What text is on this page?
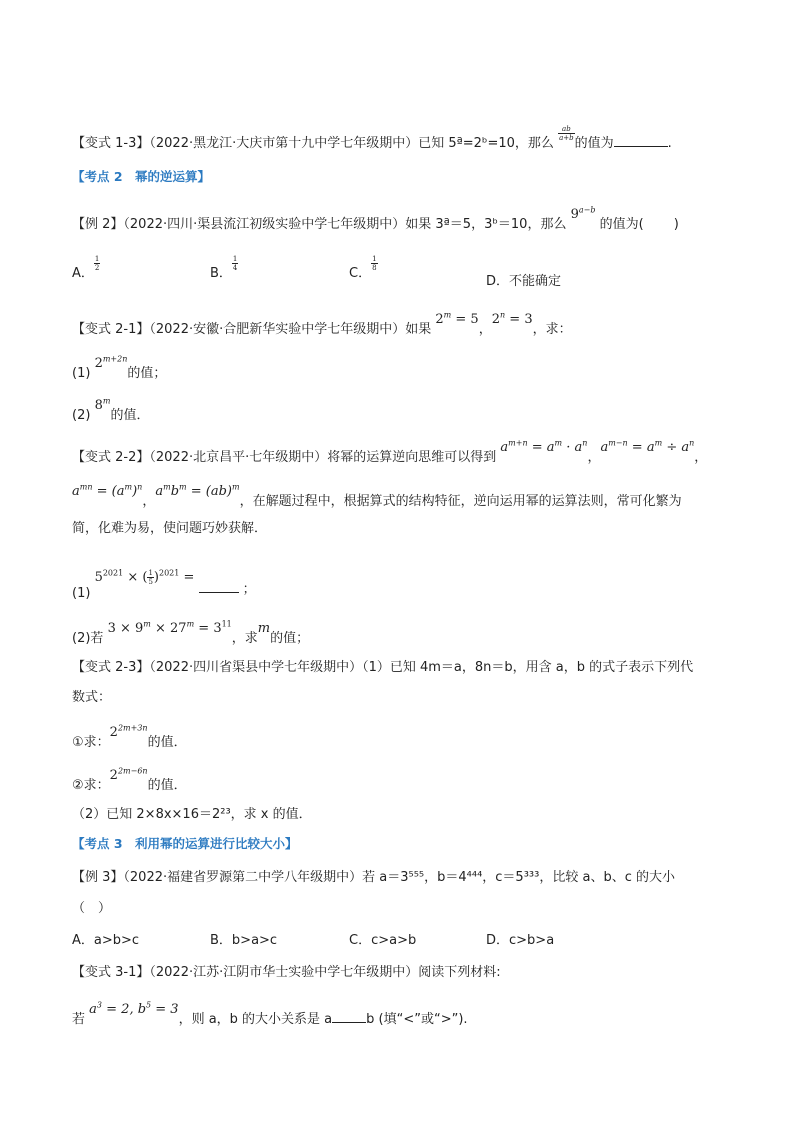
【变式 1-3】（2022·黑龙江·大庆市第十九中学七年级期中）已知 5ª=2ᵇ=10，那么
$\frac{ab}{a+b}$
的值为	.
【考点 2　幂的逆运算】
【例 2】（2022·四川·渠县流江初级实验中学七年级期中）如果 3ª＝5，3ᵇ＝10，那么 $9^{a-b}$ 的值为( )
A．
$\frac{1}{2}$
B．
$\frac{1}{4}$
C．
$\frac{1}{8}$
D．不能确定
【变式 2-1】（2022·安徽·合肥新华实验中学七年级期中）如果 $2^m = 5$，$2^n = 3$，求：
(1) $2^{m+2n}$的值；
(2) 8$^m$的值．
【变式 2-2】（2022·北京昌平·七年级期中）将幂的运算逆向思维可以得到 $a^{m+n} = a^m \cdot a^n$，$a^{m-n} = a^m \div a^n$，
$a^{mn} = (a^m)^n$，$a^mb^m = (ab)^m$，在解题过程中，根据算式的结构特征，逆向运用幂的运算法则，常可化繁为
简，化难为易，使问题巧妙获解．
(1) $5^{2021}$ × ( $\frac{1}{5} )^{2021}$ =  ；
(2)若 $3 \times 9^m \times 27^m = 3^{11}$，求m的值；
【变式 2-3】（2022·四川省渠县中学七年级期中）（1）已知 4m＝a，8n＝b，用含 a，b 的式子表示下列代
数式：
①求：$2^{2m+3n}$的值．
②求：$2^{2m-6n}$的值．
（2）已知 2×8x×16＝2²³，求 x 的值．
【考点 3　利用幂的运算进行比较大小】
【例 3】（2022·福建省罗源第二中学八年级期中）若 a＝3⁵⁵⁵，b＝4⁴⁴⁴，c＝5³³³，比较 a、b、c 的大小
（　）
A．a>b>c	B．b>a>c	C．c>a>b	D．c>b>a
【变式 3-1】（2022·江苏·江阴市华士实验中学七年级期中）阅读下列材料:
若 $a^3 = 2$, $b^5 = 3$，则 a，b 的大小关系是 a	b (填“<”或“>”).
